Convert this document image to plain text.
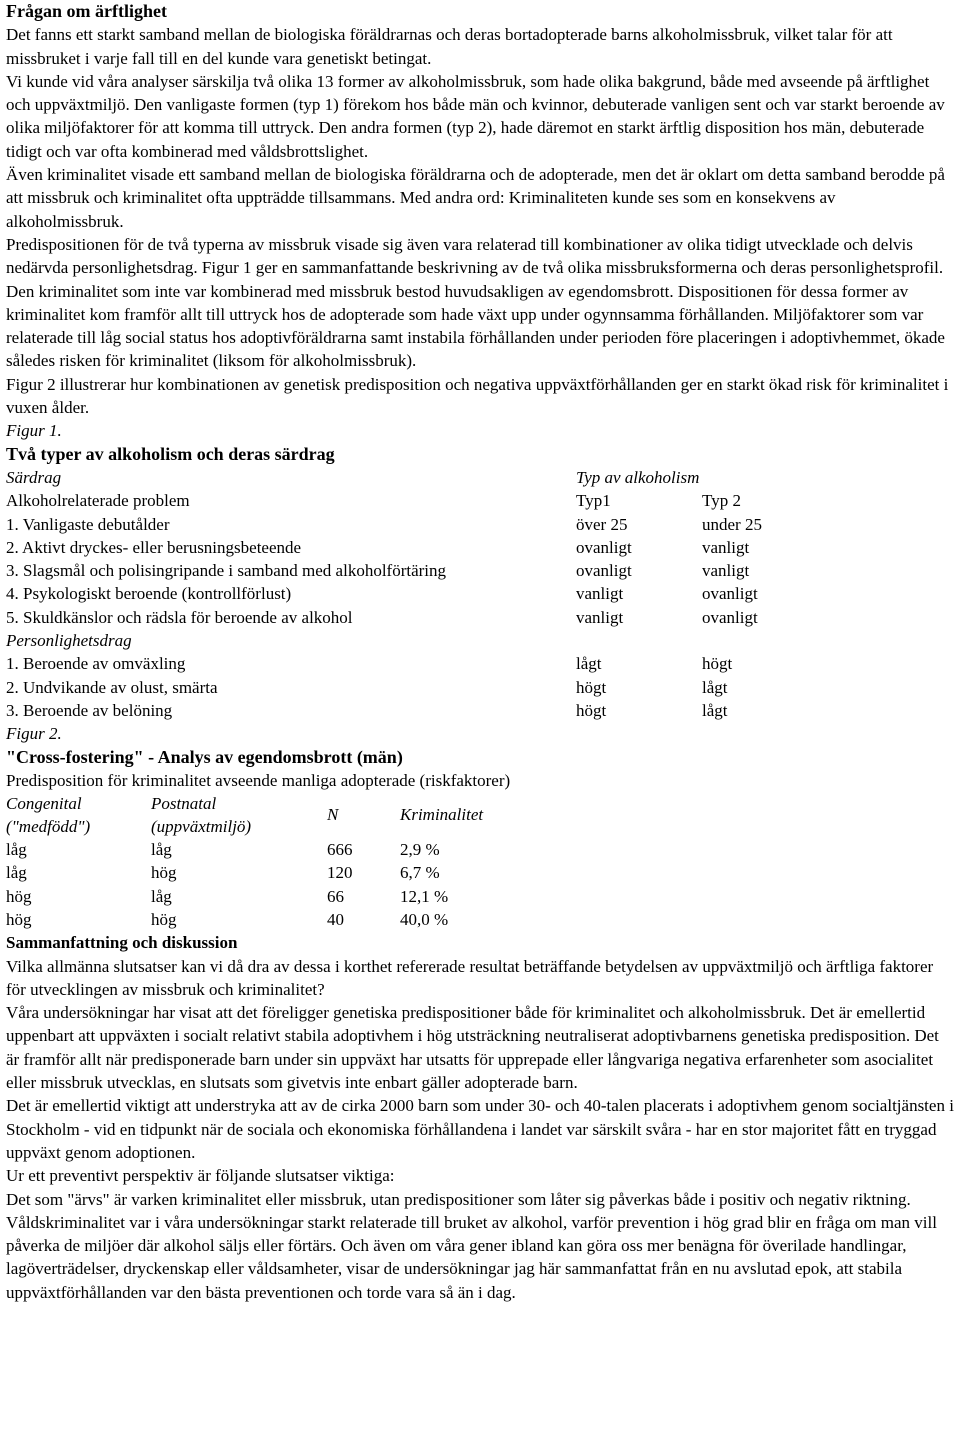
Frågan om ärftlighet

Det fanns ett starkt samband mellan de biologiska föräldrarnas och deras bortadopterade barns alkoholmissbruk, vilket talar för att missbruket i varje fall till en del kunde vara genetiskt betingat.

Vi kunde vid våra analyser särskilja två olika 13 former av alkoholmissbruk, som hade olika bakgrund, både med avseende på ärftlighet och uppväxtmiljö. Den vanligaste formen (typ 1) förekom hos både män och kvinnor, debuterade vanligen sent och var starkt beroende av olika miljöfaktorer för att komma till uttryck. Den andra formen (typ 2), hade däremot en starkt ärftlig disposition hos män, debuterade tidigt och var ofta kombinerad med våldsbrottslighet.

Även kriminalitet visade ett samband mellan de biologiska föräldrarna och de adopterade, men det är oklart om detta samband berodde på att missbruk och kriminalitet ofta uppträdde tillsammans. Med andra ord: Kriminaliteten kunde ses som en konsekvens av alkoholmissbruk.

Predispositionen för de två typerna av missbruk visade sig även vara relaterad till kombinationer av olika tidigt utvecklade och delvis nedärvda personlighetsdrag. Figur 1 ger en sammanfattande beskrivning av de två olika missbruksformerna och deras personlighetsprofil.

Den kriminalitet som inte var kombinerad med missbruk bestod huvudsakligen av egendomsbrott. Dispositionen för dessa former av kriminalitet kom framför allt till uttryck hos de adopterade som hade växt upp under ogynnsamma förhållanden. Miljöfaktorer som var relaterade till låg social status hos adoptivföräldrarna samt instabila förhållanden under perioden före placeringen i adoptivhemmet, ökade således risken för kriminalitet (liksom för alkoholmissbruk).

Figur 2 illustrerar hur kombinationen av genetisk predisposition och negativa uppväxtförhållanden ger en starkt ökad risk för kriminalitet i vuxen ålder.

Figur 1.

Två typer av alkoholism och deras särdrag

Särdrag	Typ av alkoholism
Alkoholrelaterade problem	Typ1	Typ 2
1. Vanligaste debutålder	över 25	under 25
2. Aktivt dryckes- eller berusningsbeteende	ovanligt	vanligt
3. Slagsmål och polisingripande i samband med alkoholförtäring	ovanligt	vanligt
4. Psykologiskt beroende (kontrollförlust)	vanligt	ovanligt
5. Skuldkänslor och rädsla för beroende av alkohol	vanligt	ovanligt
Personlighetsdrag
1. Beroende av omväxling	lågt	högt
2. Undvikande av olust, smärta	högt	lågt
3. Beroende av belöning	högt	lågt

Figur 2.

"Cross-fostering" - Analys av egendomsbrott (män)

Predisposition för kriminalitet avseende manliga adopterade (riskfaktorer)

Congenital
("medfödd")
Postnatal
(uppväxtmiljö)
N	Kriminalitet
låg	låg	666	2,9 %
låg	hög	120	6,7 %
hög	låg	66	12,1 %
hög	hög	40	40,0 %

Sammanfattning och diskussion

Vilka allmänna slutsatser kan vi då dra av dessa i korthet refererade resultat beträffande betydelsen av uppväxtmiljö och ärftliga faktorer för utvecklingen av missbruk och kriminalitet?

Våra undersökningar har visat att det föreligger genetiska predispositioner både för kriminalitet och alkoholmissbruk. Det är emellertid uppenbart att uppväxten i socialt relativt stabila adoptivhem i hög utsträckning neutraliserat adoptivbarnens genetiska predisposition. Det är framför allt när predisponerade barn under sin uppväxt har utsatts för upprepade eller långvariga negativa erfarenheter som asocialitet eller missbruk utvecklas, en slutsats som givetvis inte enbart gäller adopterade barn.

Det är emellertid viktigt att understryka att av de cirka 2000 barn som under 30- och 40-talen placerats i adoptivhem genom socialtjänsten i Stockholm - vid en tidpunkt när de sociala och ekonomiska förhållandena i landet var särskilt svåra - har en stor majoritet fått en tryggad uppväxt genom adoptionen.

Ur ett preventivt perspektiv är följande slutsatser viktiga:

Det som "ärvs" är varken kriminalitet eller missbruk, utan predispositioner som låter sig påverkas både i positiv och negativ riktning. Våldskriminalitet var i våra undersökningar starkt relaterade till bruket av alkohol, varför prevention i hög grad blir en fråga om man vill påverka de miljöer där alkohol säljs eller förtärs. Och även om våra gener ibland kan göra oss mer benägna för överilade handlingar, lagöverträdelser, dryckenskap eller våldsamheter, visar de undersökningar jag här sammanfattat från en nu avslutad epok, att stabila uppväxtförhållanden var den bästa preventionen och torde vara så än i dag.
